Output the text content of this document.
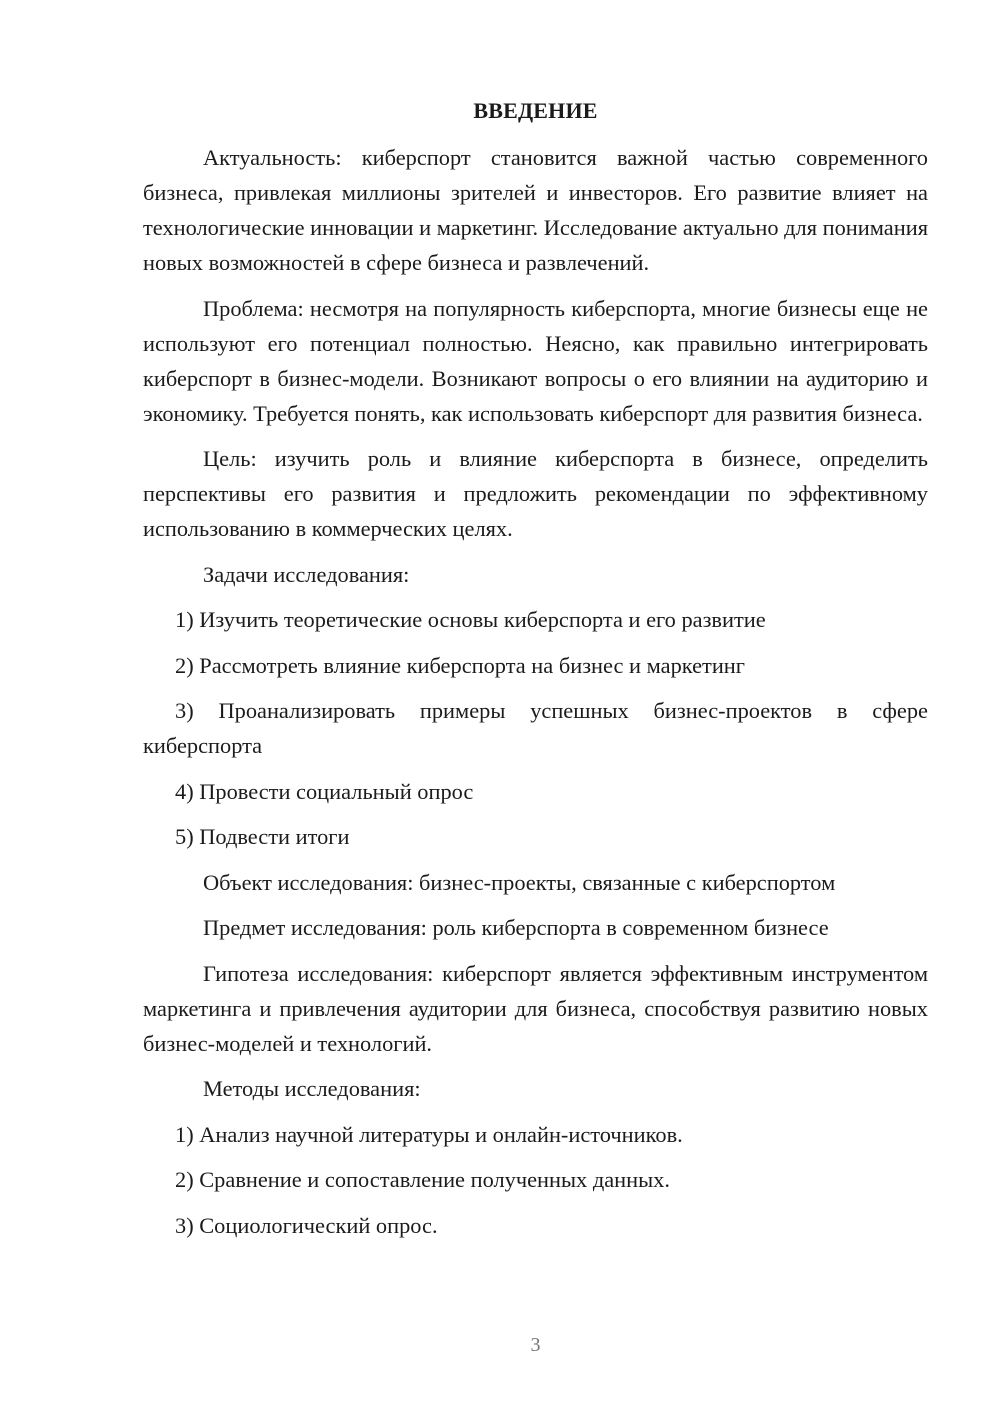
ВВЕДЕНИЕ

Актуальность: киберспорт становится важной частью современного бизнеса, привлекая миллионы зрителей и инвесторов. Его развитие влияет на технологические инновации и маркетинг. Исследование актуально для понимания новых возможностей в сфере бизнеса и развлечений.

Проблема: несмотря на популярность киберспорта, многие бизнесы еще не используют его потенциал полностью. Неясно, как правильно интегрировать киберспорт в бизнес-модели. Возникают вопросы о его влиянии на аудиторию и экономику. Требуется понять, как использовать киберспорт для развития бизнеса.

Цель: изучить роль и влияние киберспорта в бизнесе, определить перспективы его развития и предложить рекомендации по эффективному использованию в коммерческих целях.

Задачи исследования:

1) Изучить теоретические основы киберспорта и его развитие

2) Рассмотреть влияние киберспорта на бизнес и маркетинг

3) Проанализировать примеры успешных бизнес-проектов в сфере киберспорта

4) Провести социальный опрос

5) Подвести итоги

Объект исследования: бизнес-проекты, связанные с киберспортом

Предмет исследования: роль киберспорта в современном бизнесе

Гипотеза исследования: киберспорт является эффективным инструментом маркетинга и привлечения аудитории для бизнеса, способствуя развитию новых бизнес-моделей и технологий.

Методы исследования:

1) Анализ научной литературы и онлайн-источников.

2) Сравнение и сопоставление полученных данных.

3) Социологический опрос.

3
